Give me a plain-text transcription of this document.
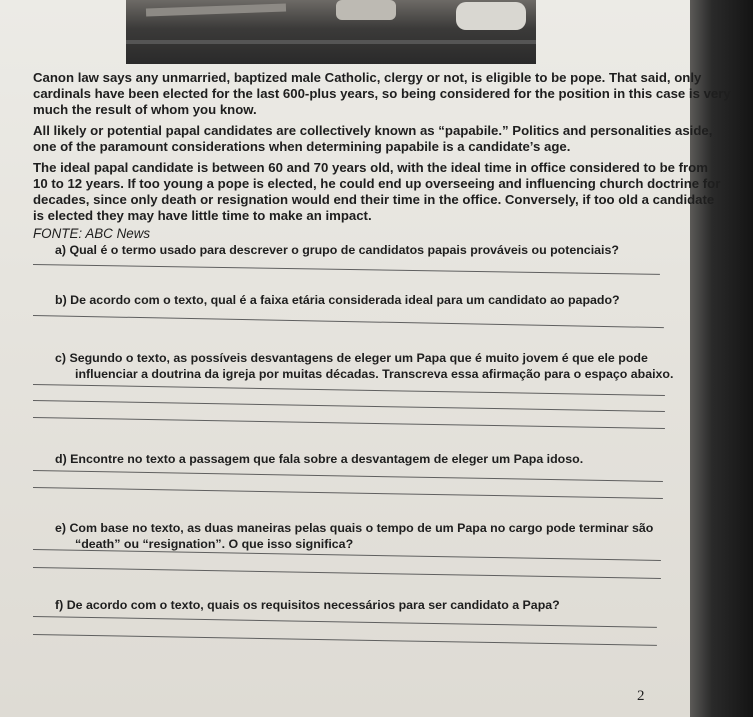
Canon law says any unmarried, baptized male Catholic, clergy or not, is eligible to be pope. That said, only
cardinals have been elected for the last 600-plus years, so being considered for the position in this case is very
much the result of whom you know.
All likely or potential papal candidates are collectively known as “papabile.” Politics and personalities aside,
one of the paramount considerations when determining papabile is a candidate’s age.
The ideal papal candidate is between 60 and 70 years old, with the ideal time in office considered to be from
10 to 12 years. If too young a pope is elected, he could end up overseeing and influencing church doctrine for
decades, since only death or resignation would end their time in the office. Conversely, if too old a candidate
is elected they may have little time to make an impact.
FONTE: ABC News
a) Qual é o termo usado para descrever o grupo de candidatos papais prováveis ou potenciais?
b) De acordo com o texto, qual é a faixa etária considerada ideal para um candidato ao papado?
c) Segundo o texto, as possíveis desvantagens de eleger um Papa que é muito jovem é que ele pode
influenciar a doutrina da igreja por muitas décadas. Transcreva essa afirmação para o espaço abaixo.
d) Encontre no texto a passagem que fala sobre a desvantagem de eleger um Papa idoso.
e) Com base no texto, as duas maneiras pelas quais o tempo de um Papa no cargo pode terminar são
“death” ou “resignation”. O que isso significa?
f) De acordo com o texto, quais os requisitos necessários para ser candidato a Papa?
2
